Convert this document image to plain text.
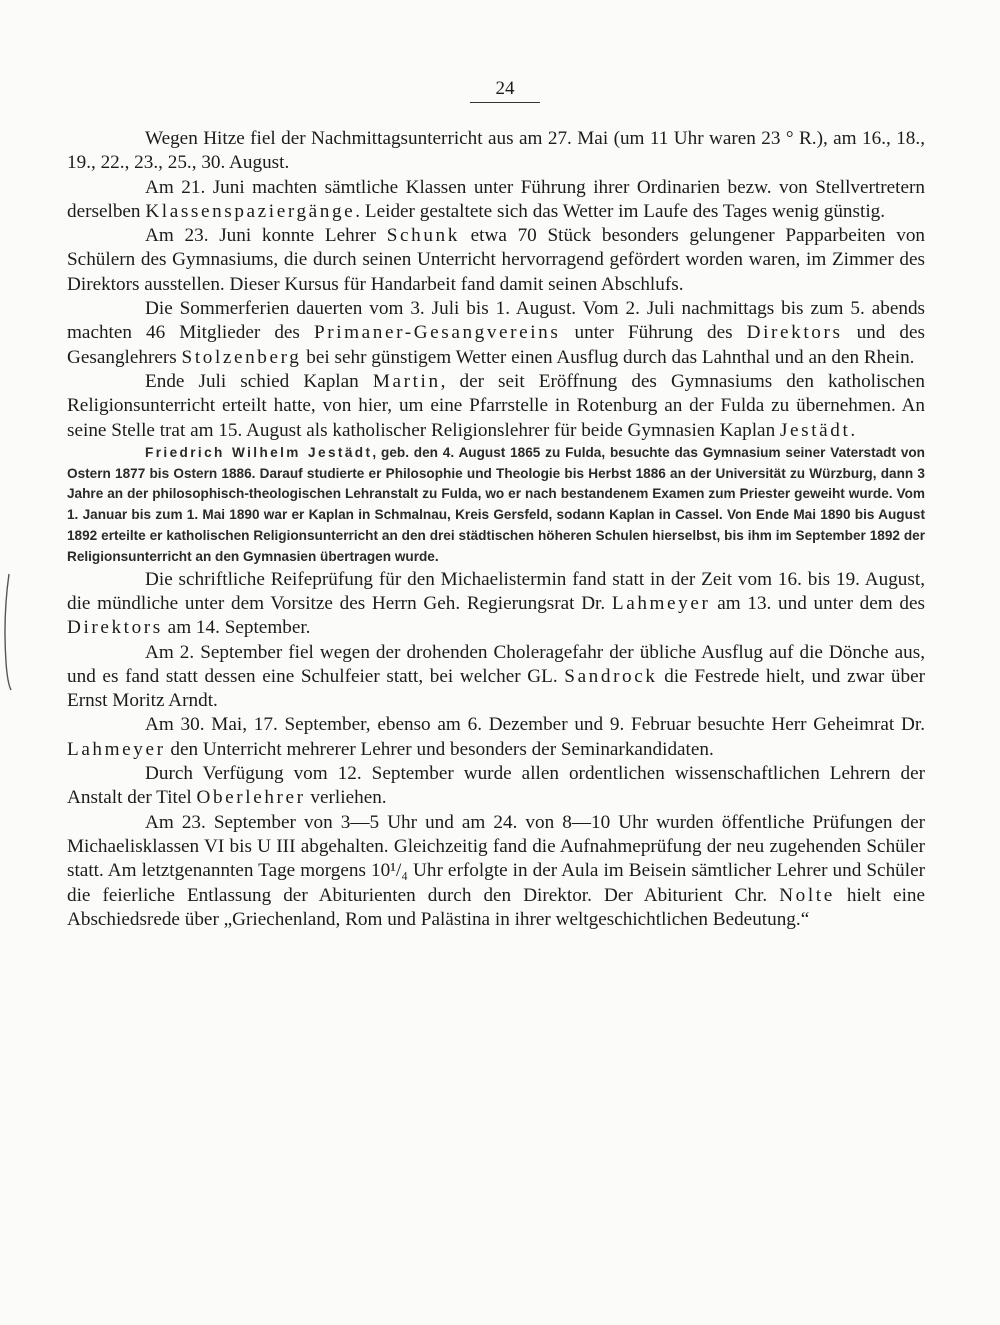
24

Wegen Hitze fiel der Nachmittagsunterricht aus am 27. Mai (um 11 Uhr waren 23 ° R.), am 16., 18., 19., 22., 23., 25., 30. August.

Am 21. Juni machten sämtliche Klassen unter Führung ihrer Ordinarien bezw. von Stellvertretern derselben Klassenspaziergänge. Leider gestaltete sich das Wetter im Laufe des Tages wenig günstig.

Am 23. Juni konnte Lehrer Schunk etwa 70 Stück besonders gelungener Papparbeiten von Schülern des Gymnasiums, die durch seinen Unterricht hervorragend gefördert worden waren, im Zimmer des Direktors ausstellen. Dieser Kursus für Handarbeit fand damit seinen Abschlufs.

Die Sommerferien dauerten vom 3. Juli bis 1. August. Vom 2. Juli nachmittags bis zum 5. abends machten 46 Mitglieder des Primaner-Gesangvereins unter Führung des Direktors und des Gesanglehrers Stolzenberg bei sehr günstigem Wetter einen Ausflug durch das Lahnthal und an den Rhein.

Ende Juli schied Kaplan Martin, der seit Eröffnung des Gymnasiums den katholischen Religionsunterricht erteilt hatte, von hier, um eine Pfarrstelle in Rotenburg an der Fulda zu übernehmen. An seine Stelle trat am 15. August als katholischer Religionslehrer für beide Gymnasien Kaplan Jestädt.

Friedrich Wilhelm Jestädt, geb. den 4. August 1865 zu Fulda, besuchte das Gymnasium seiner Vaterstadt von Ostern 1877 bis Ostern 1886. Darauf studierte er Philosophie und Theologie bis Herbst 1886 an der Universität zu Würzburg, dann 3 Jahre an der philosophisch-theologischen Lehranstalt zu Fulda, wo er nach bestandenem Examen zum Priester geweiht wurde. Vom 1. Januar bis zum 1. Mai 1890 war er Kaplan in Schmalnau, Kreis Gersfeld, sodann Kaplan in Cassel. Von Ende Mai 1890 bis August 1892 erteilte er katholischen Religionsunterricht an den drei städtischen höheren Schulen hierselbst, bis ihm im September 1892 der Religionsunterricht an den Gymnasien übertragen wurde.

Die schriftliche Reifeprüfung für den Michaelistermin fand statt in der Zeit vom 16. bis 19. August, die mündliche unter dem Vorsitze des Herrn Geh. Regierungsrat Dr. Lahmeyer am 13. und unter dem des Direktors am 14. September.

Am 2. September fiel wegen der drohenden Choleragefahr der übliche Ausflug auf die Dönche aus, und es fand statt dessen eine Schulfeier statt, bei welcher GL. Sandrock die Festrede hielt, und zwar über Ernst Moritz Arndt.

Am 30. Mai, 17. September, ebenso am 6. Dezember und 9. Februar besuchte Herr Geheimrat Dr. Lahmeyer den Unterricht mehrerer Lehrer und besonders der Seminarkandidaten.

Durch Verfügung vom 12. September wurde allen ordentlichen wissenschaftlichen Lehrern der Anstalt der Titel Oberlehrer verliehen.

Am 23. September von 3—5 Uhr und am 24. von 8—10 Uhr wurden öffentliche Prüfungen der Michaelisklassen VI bis U III abgehalten. Gleichzeitig fand die Aufnahmeprüfung der neu zugehenden Schüler statt. Am letztgenannten Tage morgens 10¹/₄ Uhr erfolgte in der Aula im Beisein sämtlicher Lehrer und Schüler die feierliche Entlassung der Abiturienten durch den Direktor. Der Abiturient Chr. Nolte hielt eine Abschiedsrede über „Griechenland, Rom und Palästina in ihrer weltgeschichtlichen Bedeutung.“
